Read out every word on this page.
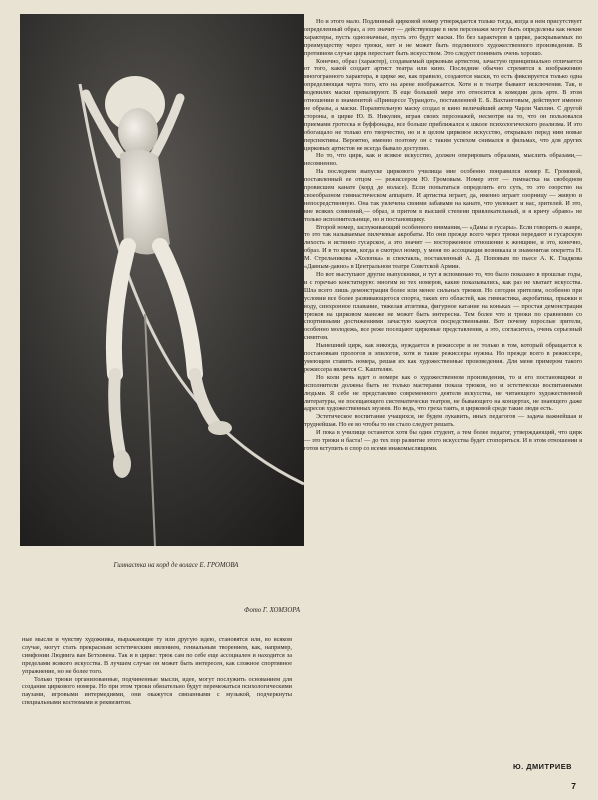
Гимнастка на корд де воласе Е. ГРОМОВА
Фото Г. ХОМЗОРА

ные мысли и чувству художника, выражающие ту или другую идею, становятся или, во всяком случае, могут стать прекрасным эстетическим явлением, гениальным творением, как, например, симфонии Людвига ван Бетховена. Так и в цирке: трюк сам по себе еще ассоциален и находится за пределами всякого искусства. В лучшем случае он может быть интересен, как сложное спортивное упражнение, но не более того.

Только трюки организованные, подчиненные мысли, идее, могут послужить основанием для создания циркового номера. Но при этом трюки обязательно будут перемежаться психологическими паузами, игровыми интермедиями, они окажутся связанными с музыкой, подчеркнуты специальными костюмами и реквизитом.

Но и этого мало. Подлинный цирковой номер утверждается только тогда, когда в нем присутствует определенный образ, а это значит — действующие в нем персонажи могут быть определены как некие характеры, пусть однозначные, пусть это будут маски. Но без характеров в цирке, раскрываемых по преимуществу через трюки, нет и не может быть подлинного художественного произведения. В противном случае цирк перестает быть искусством. Это следует понимать очень хорошо.

Конечно, образ (характер), создаваемый цирковым артистом, зачастую принципиально отличается от того, какой создает артист театра или кино. Последние обычно стремятся к изображению многогранного характера, в цирке же, как правило, создаются маски, то есть фиксируется только одна определяющая черта того, кто на арене изображается. Хотя и в театре бывают исключения. Так, в водевилях маски превалируют. В еще большей мере это относится к комедии дель арте. В этом отношении в знаменитой «Принцессе Турандот», поставленной Е. Б. Вахтанговым, действуют именно не образы, а маски. Поразительную маску создал в кино величайший актер Чарли Чаплин. С другой стороны, в цирке Ю. В. Никулин, играя своих персонажей, несмотря на то, что он пользовался приемами гротеска и буффонады, все больше приближался к школе психологического реализма. И это обогащало не только его творчество, но и в целом цирковое искусство, открывало перед ним новые перспективы. Вероятно, именно поэтому он с таким успехом снимался в фильмах, что для других цирковых артистов не всегда бывало доступно.

Но то, что цирк, как и всякое искусство, должен оперировать образами, мыслить образами,— несомненно.

На последнем выпуске циркового училища мне особенно понравился номер Е. Громовой, поставленный ее отцом — режиссером Ю. Громовым. Номер этот — гимнастка на свободном провисшем канате (корд де воласе). Если попытаться определить его суть, то это озорство на своеобразном гимнастическом аппарате. И артистка играет, да, именно играет озорницу — живую и непосредственную. Она так увлечена своими забавами на канате, что увлекает и нас, зрителей. И это, вне всяких сомнений,— образ, и притом в высшей степени привлекательный, и я кричу «браво» не только исполнительнице, но и постановщику.

Второй номер, заслуживающий особенного внимания,— «Дамы и гусары». Если говорить о жанре, то это так называемые пилечевые акробаты. Но они прежде всего через трюки передают и гусарскую лихость и истинно гусарское, а это значит — восторженное отношение к женщине, и это, конечно, образ. И в то время, когда я смотрел номер, у меня по ассоциации возникала и знаменитая оперетта Н. М. Стрельникова «Холопка» и спектакль, поставленный А. Д. Поповым по пьесе А. К. Гладкова «Давным-давно» в Центральном театре Советской Армии.

Но вот выступают другие выпускники, и тут я вспоминаю то, что было показано в прошлые годы, и с горечью констатирую: многим из тех номеров, какие показывались, как раз не хватает искусства. Шла всего лишь демонстрация более или менее сильных трюков. Но сегодня зрителям, особенно при условии все более развивающегося спорта, таких его областей, как гимнастика, акробатика, прыжки в воду, синхронное плавание, тяжелая атлетика, фигурное катание на коньках — простая демонстрация трюков на цирковом манеже не может быть интересна. Тем более что и трюки по сравнению со спортивными достижениями зачастую кажутся посредственными. Вот почему взрослые зрители, особенно молодежь, все реже посещают цирковые представления, а это, согласитесь, очень серьезный симптом.

Нынешний цирк, как никогда, нуждается в режиссере и не только в том, который обращается к постановкам прологов и эпилогов, хотя и такие режиссеры нужны. Но прежде всего в режиссере, умеющем ставить номера, решая их как художественные произведения. Для меня примером такого режиссера является С. Каштелян.

Но коли речь идет о номере как о художественном произведении, то и его постановщики и исполнители должны быть не только мастерами показа трюков, но и эстетически воспитанными людьми. Я себе не представляю современного деятеля искусства, не читающего художественной литературы, не посещающего систематически театров, не бывающего на концертах, не знающего даже адресов художественных музеев. Но ведь, что греха таить, в цирковой среде такие люди есть.

Эстетическое воспитание учащихся, не будем лукавить, иных педагогов — задача важнейшая и труднейшая. Но ее во чтобы то ни стало следует решать.

И пока в училище останется хотя бы один студент, а тем более педагог, утверждающий, что цирк — это трюки и баста! — до тех пор развитие этого искусства будет стопориться. И в этом отношении я готов вступить в спор со всеми инакомыслящими.

Ю. ДМИТРИЕВ
7
